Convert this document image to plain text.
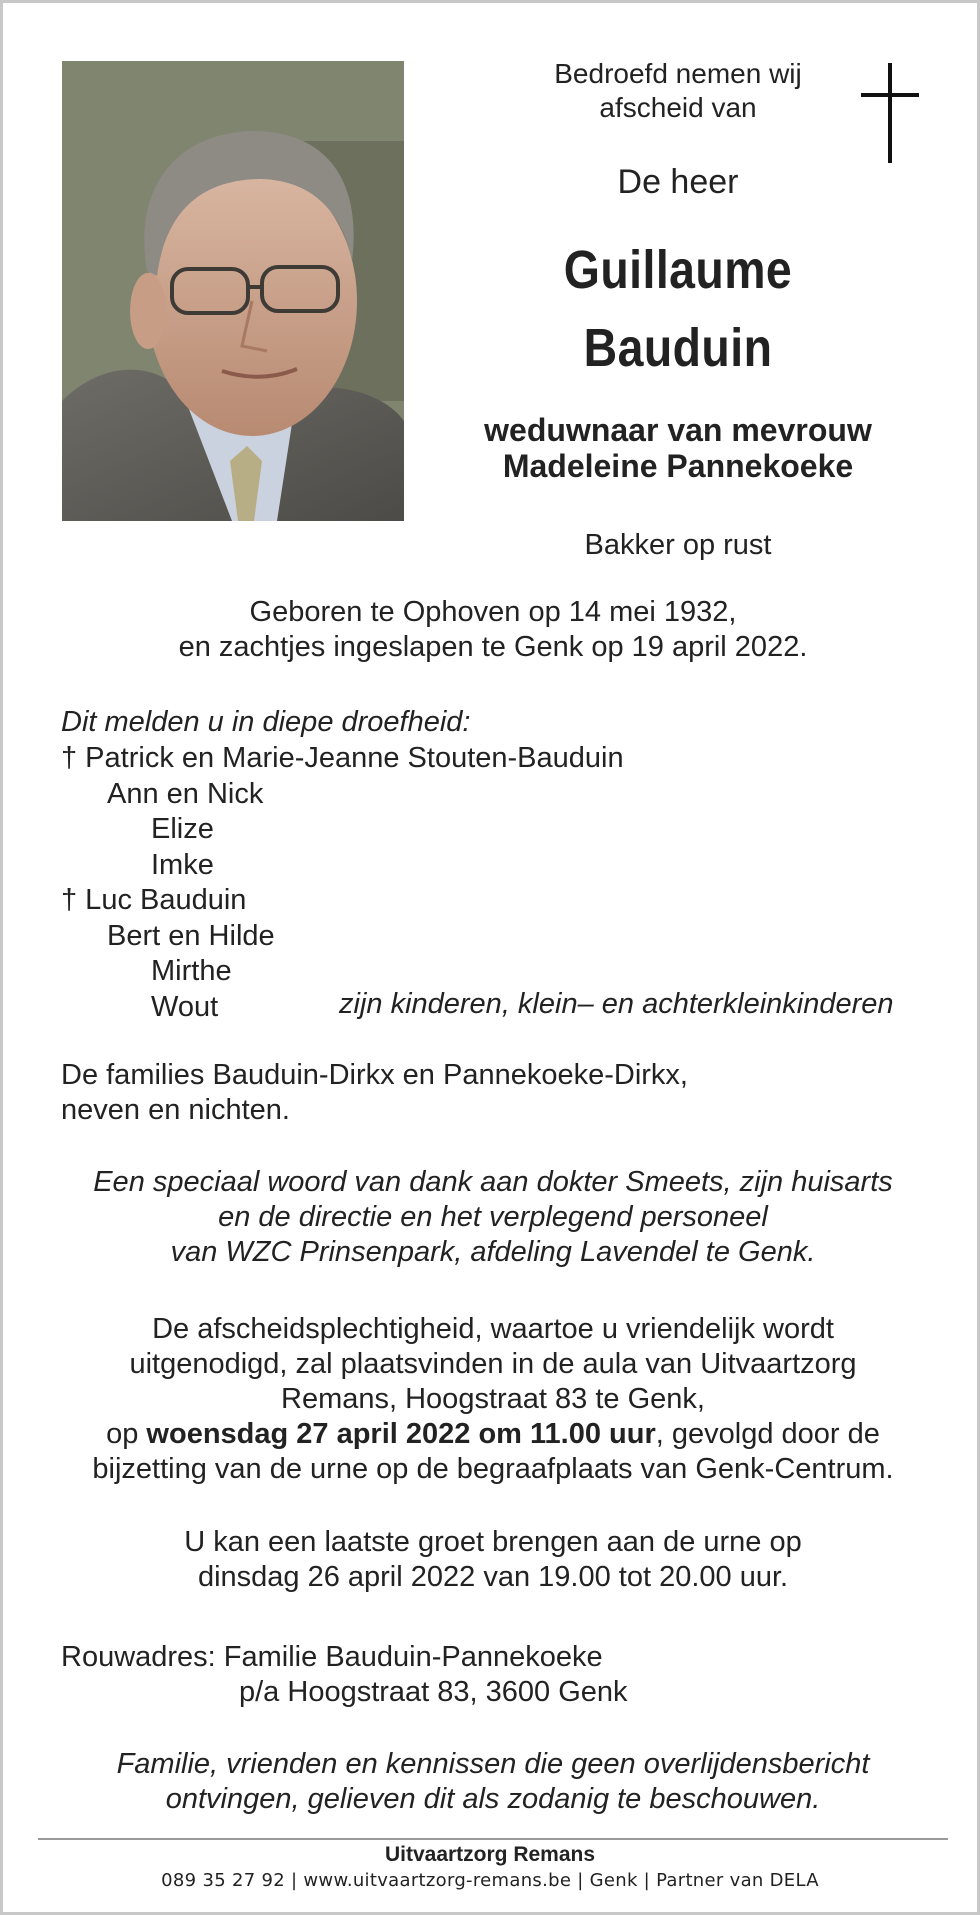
Bedroefd nemen wij
afscheid van
De heer
Guillaume
Bauduin
weduwnaar van mevrouw
Madeleine Pannekoeke
Bakker op rust
Geboren te Ophoven op 14 mei 1932,
en zachtjes ingeslapen te Genk op 19 april 2022.
Dit melden u in diepe droefheid:
† Patrick en Marie-Jeanne Stouten-Bauduin
Ann en Nick
Elize
Imke
† Luc Bauduin
Bert en Hilde
Mirthe
Wout	zijn kinderen, klein– en achterkleinkinderen
De families Bauduin-Dirkx en Pannekoeke-Dirkx,
neven en nichten.
Een speciaal woord van dank aan dokter Smeets, zijn huisarts
en de directie en het verplegend personeel
van WZC Prinsenpark, afdeling Lavendel te Genk.
De afscheidsplechtigheid, waartoe u vriendelijk wordt
uitgenodigd, zal plaatsvinden in de aula van Uitvaartzorg
Remans, Hoogstraat 83 te Genk,
op woensdag 27 april 2022 om 11.00 uur, gevolgd door de
bijzetting van de urne op de begraafplaats van Genk-Centrum.
U kan een laatste groet brengen aan de urne op
dinsdag 26 april 2022 van 19.00 tot 20.00 uur.
Rouwadres: Familie Bauduin-Pannekoeke
p/a Hoogstraat 83, 3600 Genk
Familie, vrienden en kennissen die geen overlijdensbericht
ontvingen, gelieven dit als zodanig te beschouwen.
Uitvaartzorg Remans
089 35 27 92 | www.uitvaartzorg-remans.be | Genk | Partner van DELA
